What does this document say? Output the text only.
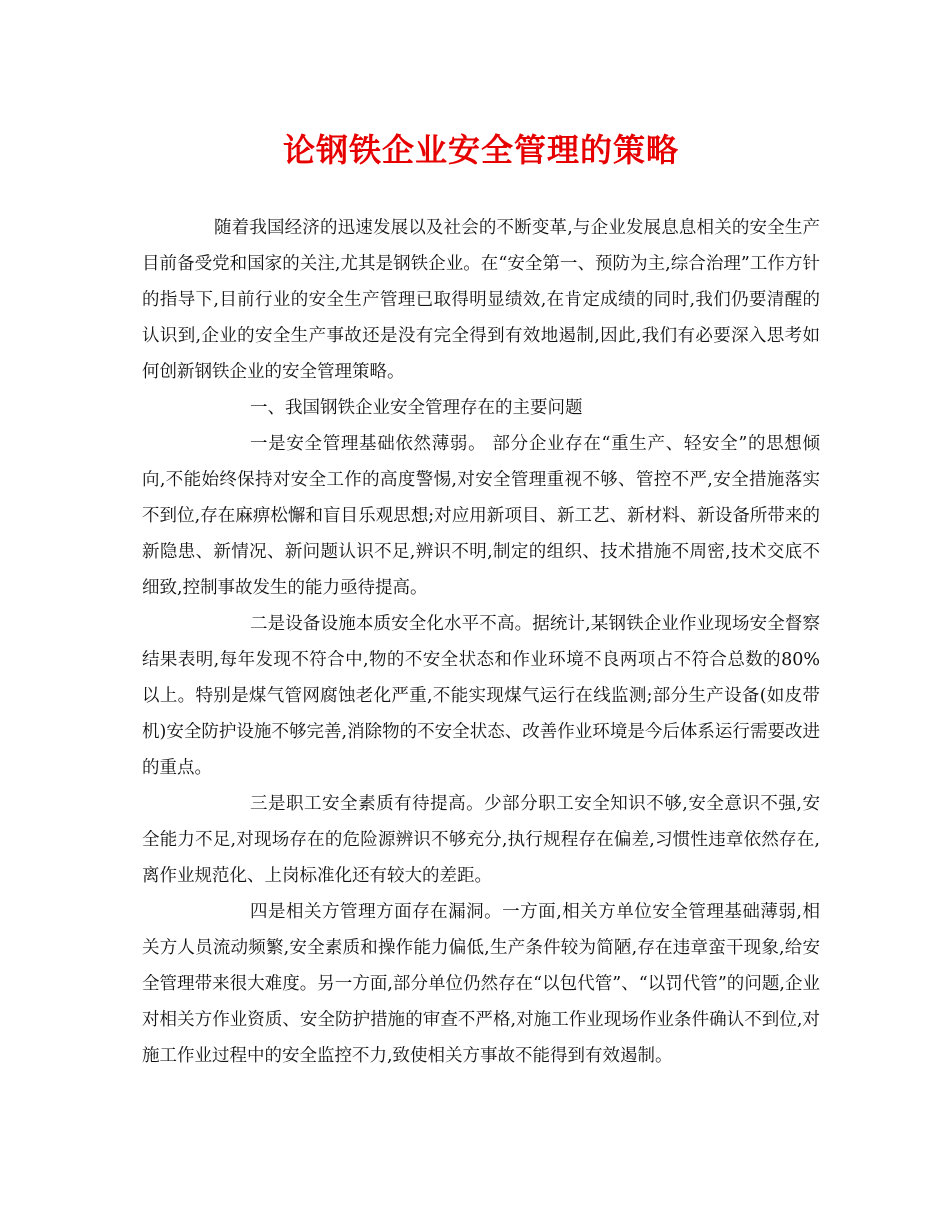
论钢铁企业安全管理的策略

随着我国经济的迅速发展以及社会的不断变革,与企业发展息息相关的安全生产目前备受党和国家的关注,尤其是钢铁企业。在“安全第一、预防为主,综合治理”工作方针的指导下,目前行业的安全生产管理已取得明显绩效,在肯定成绩的同时,我们仍要清醒的认识到,企业的安全生产事故还是没有完全得到有效地遏制,因此,我们有必要深入思考如何创新钢铁企业的安全管理策略。

一、我国钢铁企业安全管理存在的主要问题

一是安全管理基础依然薄弱。 部分企业存在“重生产、轻安全”的思想倾向,不能始终保持对安全工作的高度警惕,对安全管理重视不够、管控不严,安全措施落实不到位,存在麻痹松懈和盲目乐观思想;对应用新项目、新工艺、新材料、新设备所带来的新隐患、新情况、新问题认识不足,辨识不明,制定的组织、技术措施不周密,技术交底不细致,控制事故发生的能力亟待提高。

二是设备设施本质安全化水平不高。据统计,某钢铁企业作业现场安全督察结果表明,每年发现不符合中,物的不安全状态和作业环境不良两项占不符合总数的80%以上。特别是煤气管网腐蚀老化严重,不能实现煤气运行在线监测;部分生产设备(如皮带机)安全防护设施不够完善,消除物的不安全状态、改善作业环境是今后体系运行需要改进的重点。

三是职工安全素质有待提高。少部分职工安全知识不够,安全意识不强,安全能力不足,对现场存在的危险源辨识不够充分,执行规程存在偏差,习惯性违章依然存在,离作业规范化、上岗标准化还有较大的差距。

四是相关方管理方面存在漏洞。一方面,相关方单位安全管理基础薄弱,相关方人员流动频繁,安全素质和操作能力偏低,生产条件较为简陋,存在违章蛮干现象,给安全管理带来很大难度。另一方面,部分单位仍然存在“以包代管”、“以罚代管”的问题,企业对相关方作业资质、安全防护措施的审查不严格,对施工作业现场作业条件确认不到位,对施工作业过程中的安全监控不力,致使相关方事故不能得到有效遏制。
